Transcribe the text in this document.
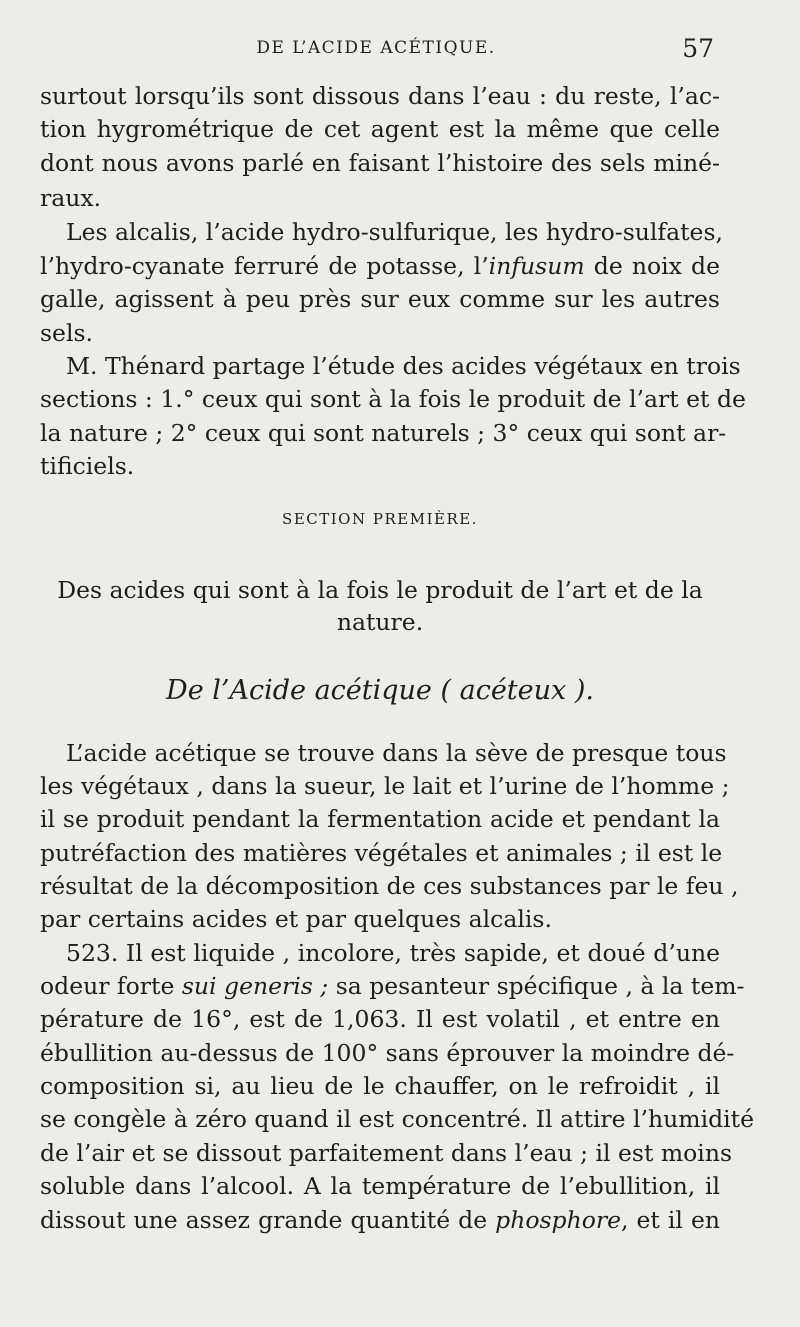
DE L’ACIDE ACÉTIQUE.	57
surtout lorsqu’ils sont dissous dans l’eau : du reste, l’ac-
tion hygrométrique de cet agent est la même que celle
dont nous avons parlé en faisant l’histoire des sels miné-
raux.
Les alcalis, l’acide hydro-sulfurique, les hydro-sulfates,
l’hydro-cyanate ferruré de potasse, l’infusum de noix de
galle, agissent à peu près sur eux comme sur les autres
sels.
M. Thénard partage l’étude des acides végétaux en trois
sections : 1.° ceux qui sont à la fois le produit de l’art et de
la nature ; 2° ceux qui sont naturels ; 3° ceux qui sont ar-
tificiels.
SECTION PREMIÈRE.
Des acides qui sont à la fois le produit de l’art et de la
nature.
De l’Acide acétique ( acéteux ).
L’acide acétique se trouve dans la sève de presque tous
les végétaux , dans la sueur, le lait et l’urine de l’homme ;
il se produit pendant la fermentation acide et pendant la
putréfaction des matières végétales et animales ; il est le
résultat de la décomposition de ces substances par le feu ,
par certains acides et par quelques alcalis.
523. Il est liquide , incolore, très sapide, et doué d’une
odeur forte sui generis ; sa pesanteur spécifique , à la tem-
pérature de 16°, est de 1,063. Il est volatil , et entre en
ébullition au-dessus de 100° sans éprouver la moindre dé-
composition si, au lieu de le chauffer, on le refroidit , il
se congèle à zéro quand il est concentré. Il attire l’humidité
de l’air et se dissout parfaitement dans l’eau ; il est moins
soluble dans l’alcool. A la température de l’ebullition, il
dissout une assez grande quantité de phosphore, et il en
